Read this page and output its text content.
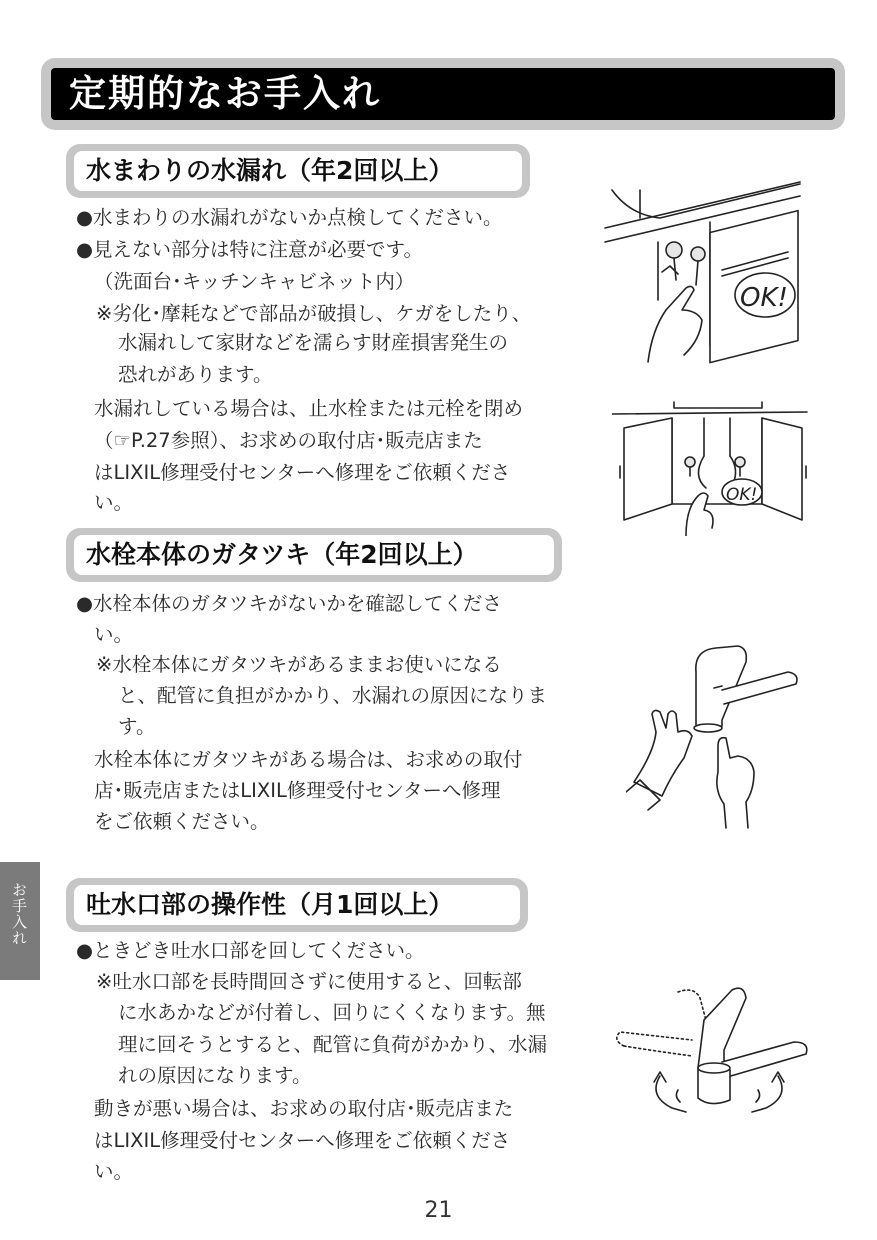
定期的なお手入れ
水まわりの水漏れ（年2回以上）
●水まわりの水漏れがないか点検してください。
●見えない部分は特に注意が必要です。
（洗面台･キッチンキャビネット内）
※劣化･摩耗などで部品が破損し、ケガをしたり、
水漏れして家財などを濡らす財産損害発生の
恐れがあります。
水漏れしている場合は、止水栓または元栓を閉め
（☞P.27参照）、お求めの取付店･販売店また
はLIXIL修理受付センターへ修理をご依頼くださ
い。
水栓本体のガタツキ（年2回以上）
●水栓本体のガタツキがないかを確認してくださ
い。
※水栓本体にガタツキがあるままお使いになる
と、配管に負担がかかり、水漏れの原因になりま
す。
水栓本体にガタツキがある場合は、お求めの取付
店･販売店またはLIXIL修理受付センターへ修理
をご依頼ください。
お手入れ 吐水口部の操作性（月1回以上）
●ときどき吐水口部を回してください。
※吐水口部を長時間回さずに使用すると、回転部
に水あかなどが付着し、回りにくくなります。無
理に回そうとすると、配管に負荷がかかり、水漏
れの原因になります。
動きが悪い場合は、お求めの取付店･販売店また
はLIXIL修理受付センターへ修理をご依頼くださ
い。
21
OK!
OK!
